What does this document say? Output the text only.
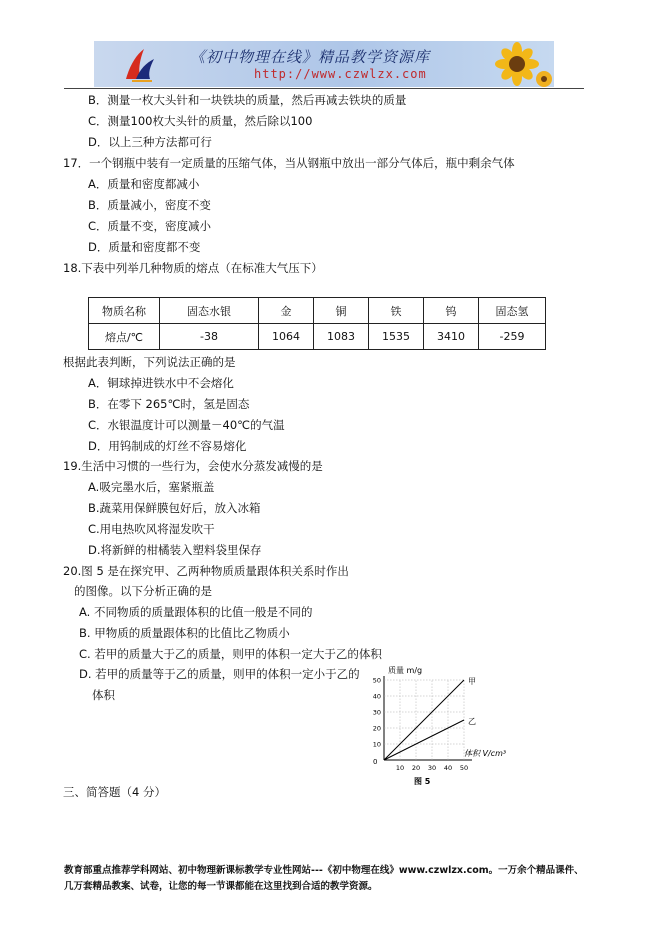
《初中物理在线》精品教学资源库
http://www.czwlzx.com
B．测量一枚大头针和一块铁块的质量，然后再减去铁块的质量
C．测量100枚大头针的质量，然后除以100
D．以上三种方法都可行
17．一个钢瓶中装有一定质量的压缩气体，当从钢瓶中放出一部分气体后，瓶中剩余气体
A．质量和密度都减小
B．质量减小，密度不变
C．质量不变，密度减小
D．质量和密度都不变
18.下表中列举几种物质的熔点（在标准大气压下）
物质名称	固态水银	金	铜	铁	钨	固态氢
熔点/℃	-38	1064	1083	1535	3410	-259
根据此表判断，下列说法正确的是
A．铜球掉进铁水中不会熔化
B．在零下 265℃时，氢是固态
C．水银温度计可以测量－40℃的气温
D．用钨制成的灯丝不容易熔化
19.生活中习惯的一些行为，会使水分蒸发减慢的是
A.吸完墨水后，塞紧瓶盖
B.蔬菜用保鲜膜包好后，放入冰箱
C.用电热吹风将湿发吹干
D.将新鲜的柑橘装入塑料袋里保存
20.图 5 是在探究甲、乙两种物质质量跟体积关系时作出
的图像。以下分析正确的是
A. 不同物质的质量跟体积的比值一般是不同的
B. 甲物质的质量跟体积的比值比乙物质小
C. 若甲的质量大于乙的质量，则甲的体积一定大于乙的体积
D. 若甲的质量等于乙的质量，则甲的体积一定小于乙的
体积
质量 m/g
10
20
30
40
50
10 20 30 40 50
0
甲
乙
体积 V/cm³
图 5
三、简答题（4 分）
教育部重点推荐学科网站、初中物理新课标教学专业性网站---《初中物理在线》www.czwlzx.com。一万余个精品课件、
几万套精品教案、试卷，让您的每一节课都能在这里找到合适的教学资源。
